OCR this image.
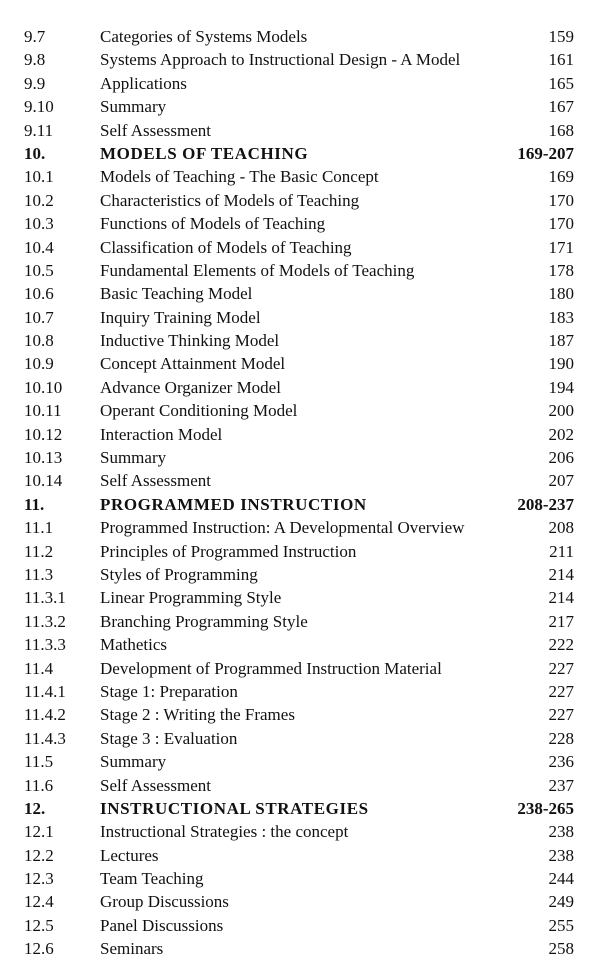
9.7	Categories of Systems Models	159
9.8	Systems Approach to Instructional Design - A Model	161
9.9	Applications	165
9.10	Summary	167
9.11	Self Assessment	168
10.	MODELS OF TEACHING	169-207
10.1	Models of Teaching - The Basic Concept	169
10.2	Characteristics of Models of Teaching	170
10.3	Functions of Models of Teaching	170
10.4	Classification of Models of Teaching	171
10.5	Fundamental Elements of Models of Teaching	178
10.6	Basic Teaching Model	180
10.7	Inquiry Training Model	183
10.8	Inductive Thinking Model	187
10.9	Concept Attainment Model	190
10.10 Advance Organizer Model	194
10.11 Operant Conditioning Model	200
10.12 Interaction Model	202
10.13 Summary	206
10.14 Self Assessment	207
11.	PROGRAMMED INSTRUCTION	208-237
11.1	Programmed Instruction: A Developmental Overview	208
11.2	Principles of Programmed Instruction	211
11.3	Styles of Programming	214
11.3.1 Linear Programming Style	214
11.3.2 Branching Programming Style	217
11.3.3 Mathetics	222
11.4	Development of Programmed Instruction Material	227
11.4.1 Stage 1: Preparation	227
11.4.2 Stage 2 : Writing the Frames	227
11.4.3 Stage 3 : Evaluation	228
11.5	Summary	236
11.6	Self Assessment	237
12.	INSTRUCTIONAL STRATEGIES	238-265
12.1	Instructional Strategies : the concept	238
12.2	Lectures	238
12.3	Team Teaching	244
12.4	Group Discussions	249
12.5	Panel Discussions	255
12.6	Seminars	258
